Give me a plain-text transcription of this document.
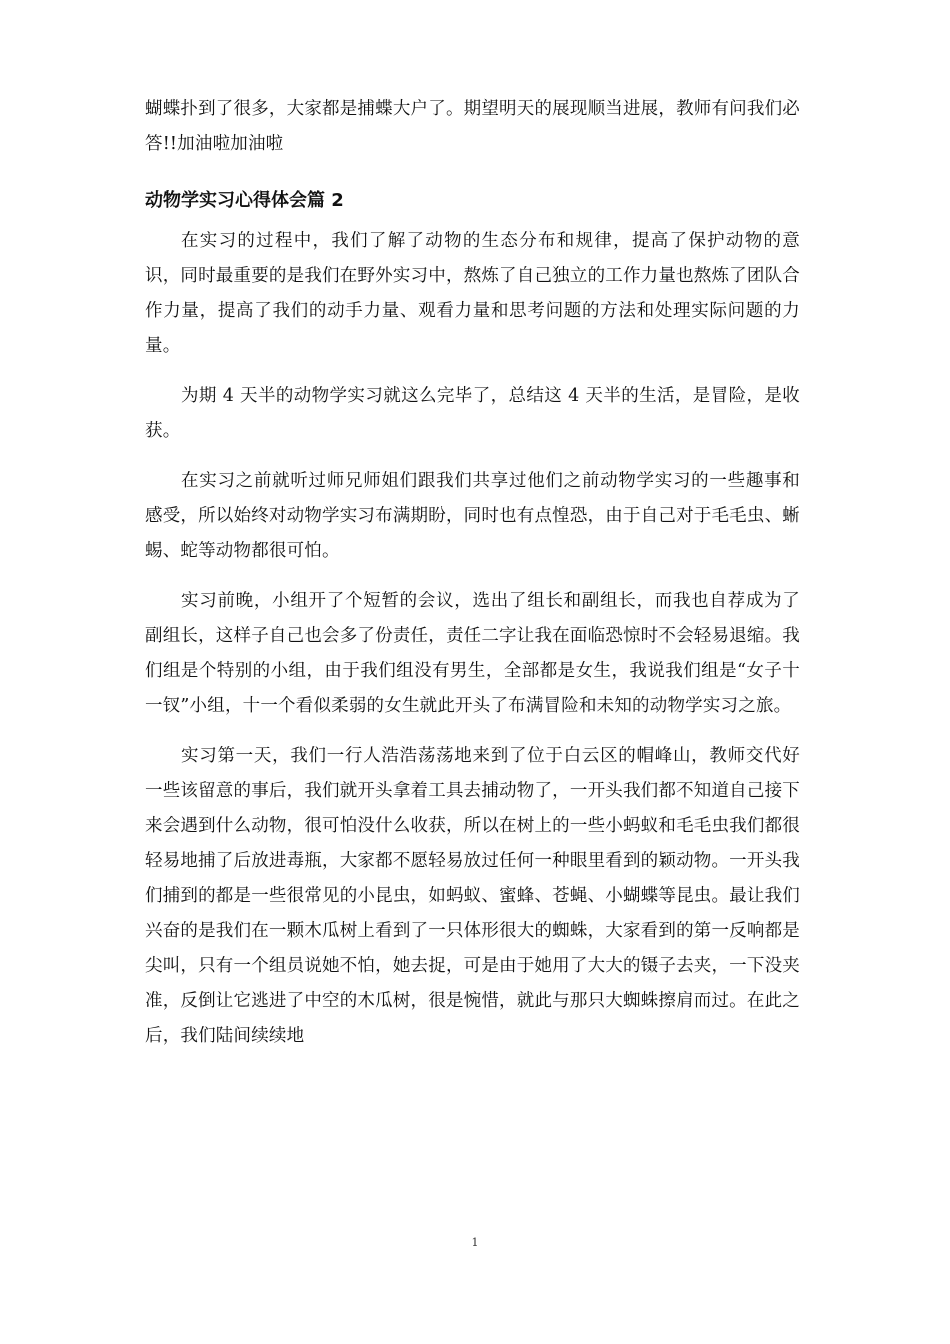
蝴蝶扑到了很多，大家都是捕蝶大户了。期望明天的展现顺当进展，教师有问我们必答!!加油啦加油啦

动物学实习心得体会篇 2

在实习的过程中，我们了解了动物的生态分布和规律，提高了保护动物的意识，同时最重要的是我们在野外实习中，熬炼了自己独立的工作力量也熬炼了团队合作力量，提高了我们的动手力量、观看力量和思考问题的方法和处理实际问题的力量。

为期 4 天半的动物学实习就这么完毕了，总结这 4 天半的生活，是冒险，是收获。

在实习之前就听过师兄师姐们跟我们共享过他们之前动物学实习的一些趣事和感受，所以始终对动物学实习布满期盼，同时也有点惶恐，由于自己对于毛毛虫、蜥蜴、蛇等动物都很可怕。

实习前晚，小组开了个短暂的会议，选出了组长和副组长，而我也自荐成为了副组长，这样子自己也会多了份责任，责任二字让我在面临恐惊时不会轻易退缩。我们组是个特别的小组，由于我们组没有男生，全部都是女生，我说我们组是“女子十一钗”小组，十一个看似柔弱的女生就此开头了布满冒险和未知的动物学实习之旅。

实习第一天，我们一行人浩浩荡荡地来到了位于白云区的帽峰山，教师交代好一些该留意的事后，我们就开头拿着工具去捕动物了，一开头我们都不知道自己接下来会遇到什么动物，很可怕没什么收获，所以在树上的一些小蚂蚁和毛毛虫我们都很轻易地捕了后放进毒瓶，大家都不愿轻易放过任何一种眼里看到的颖动物。一开头我们捕到的都是一些很常见的小昆虫，如蚂蚁、蜜蜂、苍蝇、小蝴蝶等昆虫。最让我们兴奋的是我们在一颗木瓜树上看到了一只体形很大的蜘蛛，大家看到的第一反响都是尖叫，只有一个组员说她不怕，她去捉，可是由于她用了大大的镊子去夹，一下没夹准，反倒让它逃进了中空的木瓜树，很是惋惜，就此与那只大蜘蛛擦肩而过。在此之后，我们陆间续续地

1
